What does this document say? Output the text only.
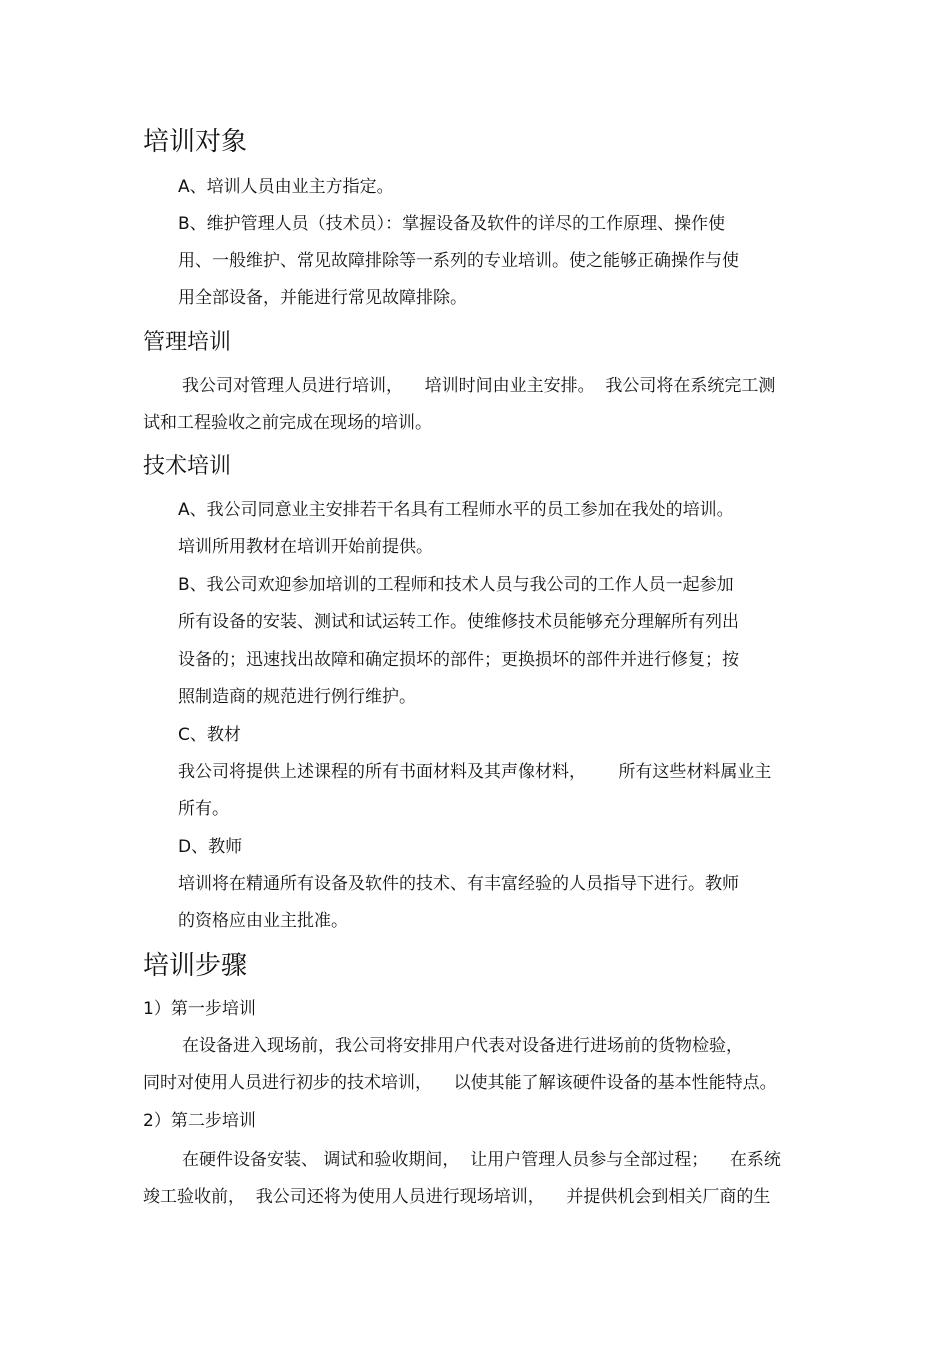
培训对象
A、培训人员由业主方指定。
B、维护管理人员（技术员）：掌握设备及软件的详尽的工作原理、操作使
用、一般维护、常见故障排除等一系列的专业培训。使之能够正确操作与使
用全部设备，并能进行常见故障排除。
管理培训
我公司对管理人员进行培训，    培训时间由业主安排。  我公司将在系统完工测
试和工程验收之前完成在现场的培训。
技术培训
A、我公司同意业主安排若干名具有工程师水平的员工参加在我处的培训。
培训所用教材在培训开始前提供。
B、我公司欢迎参加培训的工程师和技术人员与我公司的工作人员一起参加
所有设备的安装、测试和试运转工作。使维修技术员能够充分理解所有列出
设备的；迅速找出故障和确定损坏的部件；更换损坏的部件并进行修复；按
照制造商的规范进行例行维护。
C、教材
我公司将提供上述课程的所有书面材料及其声像材料，      所有这些材料属业主
所有。
D、教师
培训将在精通所有设备及软件的技术、有丰富经验的人员指导下进行。教师
的资格应由业主批准。
培训步骤
1）第一步培训
在设备进入现场前，我公司将安排用户代表对设备进行进场前的货物检验，
同时对使用人员进行初步的技术培训，    以使其能了解该硬件设备的基本性能特点。
2）第二步培训
在硬件设备安装、 调试和验收期间，  让用户管理人员参与全部过程；    在系统
竣工验收前，  我公司还将为使用人员进行现场培训，    并提供机会到相关厂商的生
